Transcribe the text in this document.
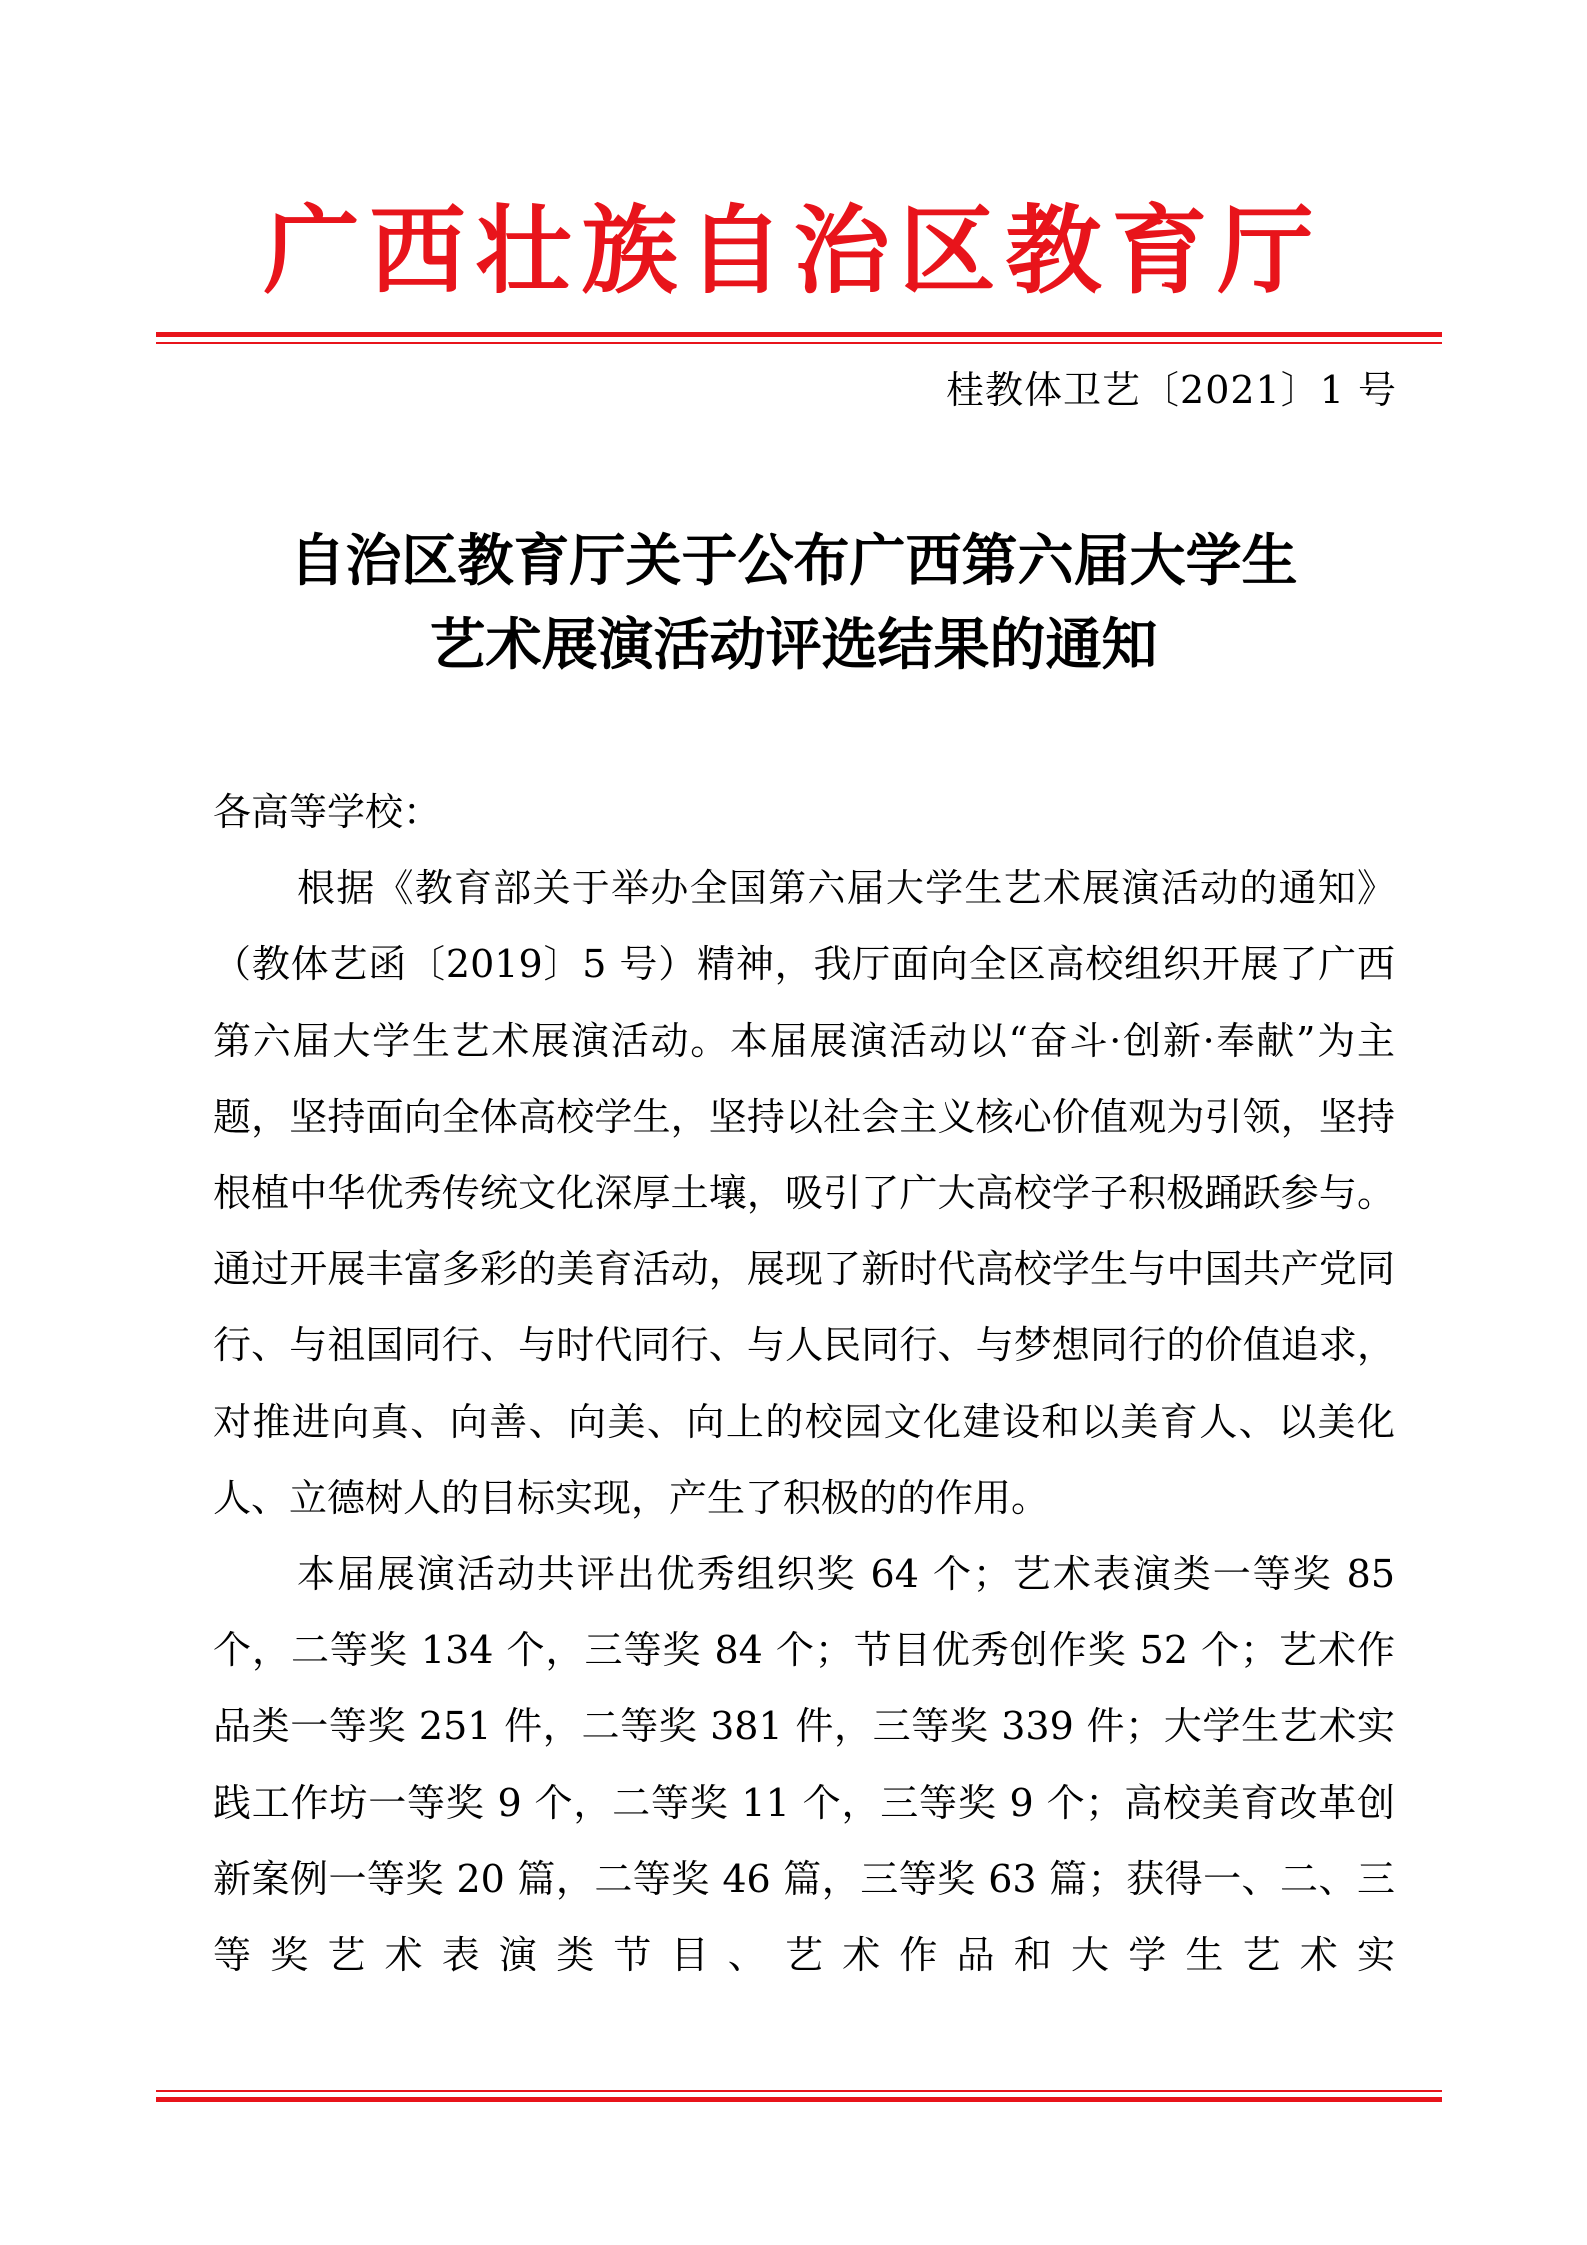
广西壮族自治区教育厅

桂教体卫艺〔2021〕1 号

自治区教育厅关于公布广西第六届大学生
艺术展演活动评选结果的通知

各高等学校：

根据《教育部关于举办全国第六届大学生艺术展演活动的通知》（教体艺函〔2019〕5 号）精神，我厅面向全区高校组织开展了广西第六届大学生艺术展演活动。本届展演活动以“奋斗·创新·奉献”为主题，坚持面向全体高校学生，坚持以社会主义核心价值观为引领，坚持根植中华优秀传统文化深厚土壤，吸引了广大高校学子积极踊跃参与。通过开展丰富多彩的美育活动，展现了新时代高校学生与中国共产党同行、与祖国同行、与时代同行、与人民同行、与梦想同行的价值追求，对推进向真、向善、向美、向上的校园文化建设和以美育人、以美化人、立德树人的目标实现，产生了积极的的作用。

本届展演活动共评出优秀组织奖 64 个；艺术表演类一等奖 85 个，二等奖 134 个，三等奖 84 个；节目优秀创作奖 52 个；艺术作品类一等奖 251 件，二等奖 381 件，三等奖 339 件；大学生艺术实践工作坊一等奖 9 个，二等奖 11 个，三等奖 9 个；高校美育改革创新案例一等奖 20 篇，二等奖 46 篇，三等奖 63 篇；获得一、二、三等奖艺术表演类节目、艺术作品和大学生艺术实
